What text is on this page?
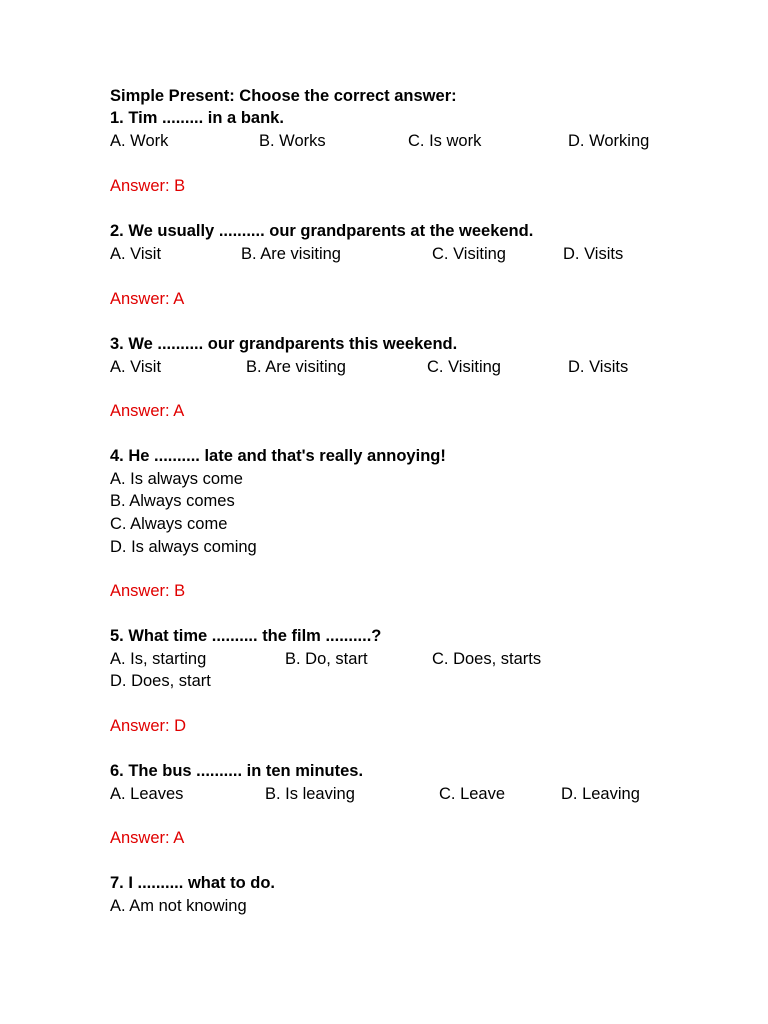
Simple Present: Choose the correct answer:
1. Tim ......... in a bank.
A. Work	B. Works	C. Is work	D. Working
Answer: B
2. We usually .......... our grandparents at the weekend.
A. Visit	B. Are visiting	C. Visiting	D. Visits
Answer: A
3. We .......... our grandparents this weekend.
A. Visit	B. Are visiting	C. Visiting	D. Visits
Answer: A
4. He .......... late and that's really annoying!
A. Is always come
B. Always comes
C. Always come
D. Is always coming
Answer: B
5. What time .......... the film ..........?
A. Is, starting	B. Do, start	C. Does, starts
D. Does, start
Answer: D
6. The bus .......... in ten minutes.
A. Leaves	B. Is leaving	C. Leave	D. Leaving
Answer: A
7. I .......... what to do.
A. Am not knowing
